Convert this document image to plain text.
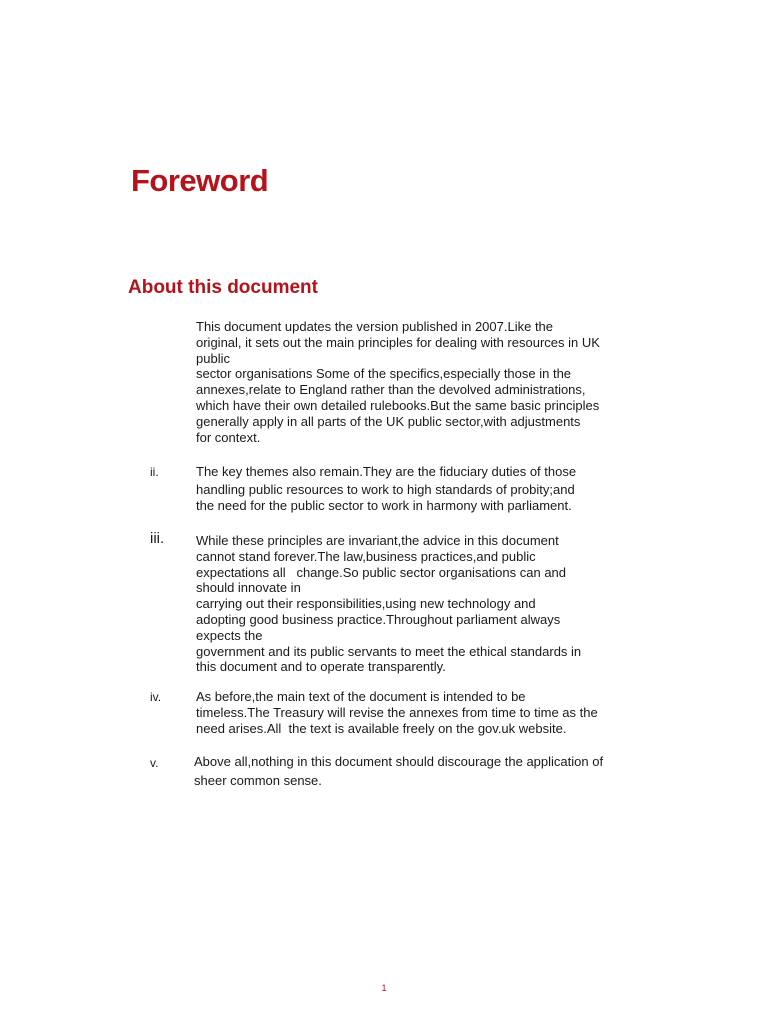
Foreword
About this document
This document updates the version published in 2007.Like the
original, it sets out the main principles for dealing with resources in UK
public
sector organisations Some of the specifics,especially those in the
annexes,relate to England rather than the devolved administrations,
which have their own detailed rulebooks.But the same basic principles
generally apply in all parts of the UK public sector,with adjustments
for context.
ii.	The key themes also remain.They are the fiduciary duties of those
handling public resources to work to high standards of probity;and
the need for the public sector to work in harmony with parliament.
iii. While these principles are invariant,the advice in this document
cannot stand forever.The law,business practices,and public
expectations all   change.So public sector organisations can and
should innovate in
carrying out their responsibilities,using new technology and
adopting good business practice.Throughout parliament always
expects the
government and its public servants to meet the ethical standards in
this document and to operate transparently.
iv.	As before,the main text of the document is intended to be
timeless.The Treasury will revise the annexes from time to time as the
need arises.All  the text is available freely on the gov.uk website.
v.	Above all,nothing in this document should discourage the application of
sheer common sense.
1
